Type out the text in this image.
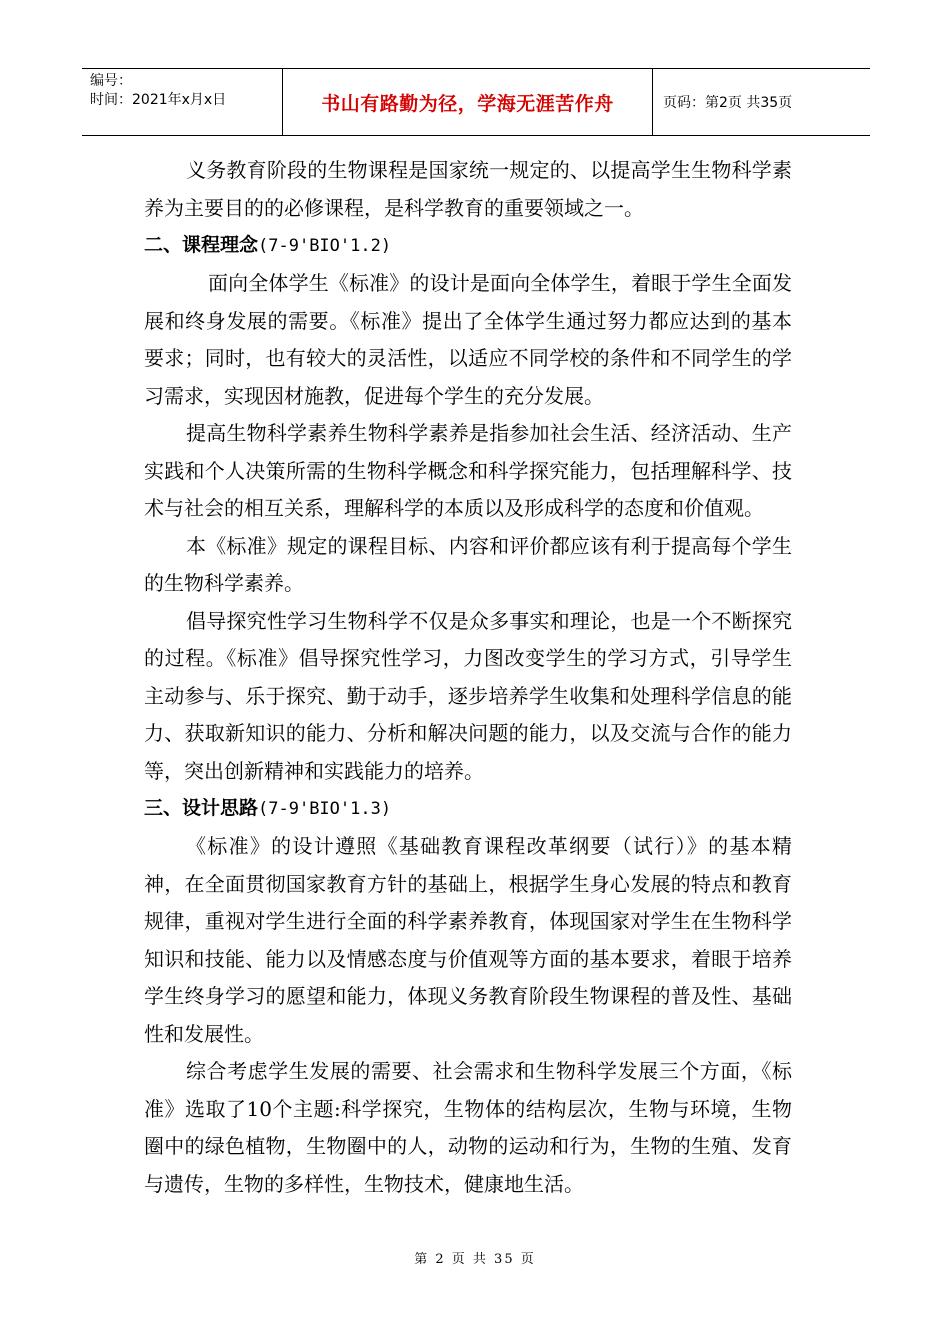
编号：
时间：2021年x月x日	书山有路勤为径，学海无涯苦作舟	页码：第2页 共35页

义务教育阶段的生物课程是国家统一规定的、以提高学生生物科学素养为主要目的的必修课程，是科学教育的重要领域之一。

二、课程理念(7-9'BIO'1.2)

面向全体学生《标准》的设计是面向全体学生，着眼于学生全面发展和终身发展的需要。《标准》提出了全体学生通过努力都应达到的基本要求；同时，也有较大的灵活性，以适应不同学校的条件和不同学生的学习需求，实现因材施教，促进每个学生的充分发展。

提高生物科学素养生物科学素养是指参加社会生活、经济活动、生产实践和个人决策所需的生物科学概念和科学探究能力，包括理解科学、技术与社会的相互关系，理解科学的本质以及形成科学的态度和价值观。

本《标准》规定的课程目标、内容和评价都应该有利于提高每个学生的生物科学素养。

倡导探究性学习生物科学不仅是众多事实和理论，也是一个不断探究的过程。《标准》倡导探究性学习，力图改变学生的学习方式，引导学生主动参与、乐于探究、勤于动手，逐步培养学生收集和处理科学信息的能力、获取新知识的能力、分析和解决问题的能力，以及交流与合作的能力等，突出创新精神和实践能力的培养。

三、设计思路(7-9'BIO'1.3)

《标准》的设计遵照《基础教育课程改革纲要（试行）》的基本精神，在全面贯彻国家教育方针的基础上，根据学生身心发展的特点和教育规律，重视对学生进行全面的科学素养教育，体现国家对学生在生物科学知识和技能、能力以及情感态度与价值观等方面的基本要求，着眼于培养学生终身学习的愿望和能力，体现义务教育阶段生物课程的普及性、基础性和发展性。

综合考虑学生发展的需要、社会需求和生物科学发展三个方面，《标准》选取了10个主题:科学探究，生物体的结构层次，生物与环境，生物圈中的绿色植物，生物圈中的人，动物的运动和行为，生物的生殖、发育与遗传，生物的多样性，生物技术，健康地生活。

第 2 页 共 35 页
